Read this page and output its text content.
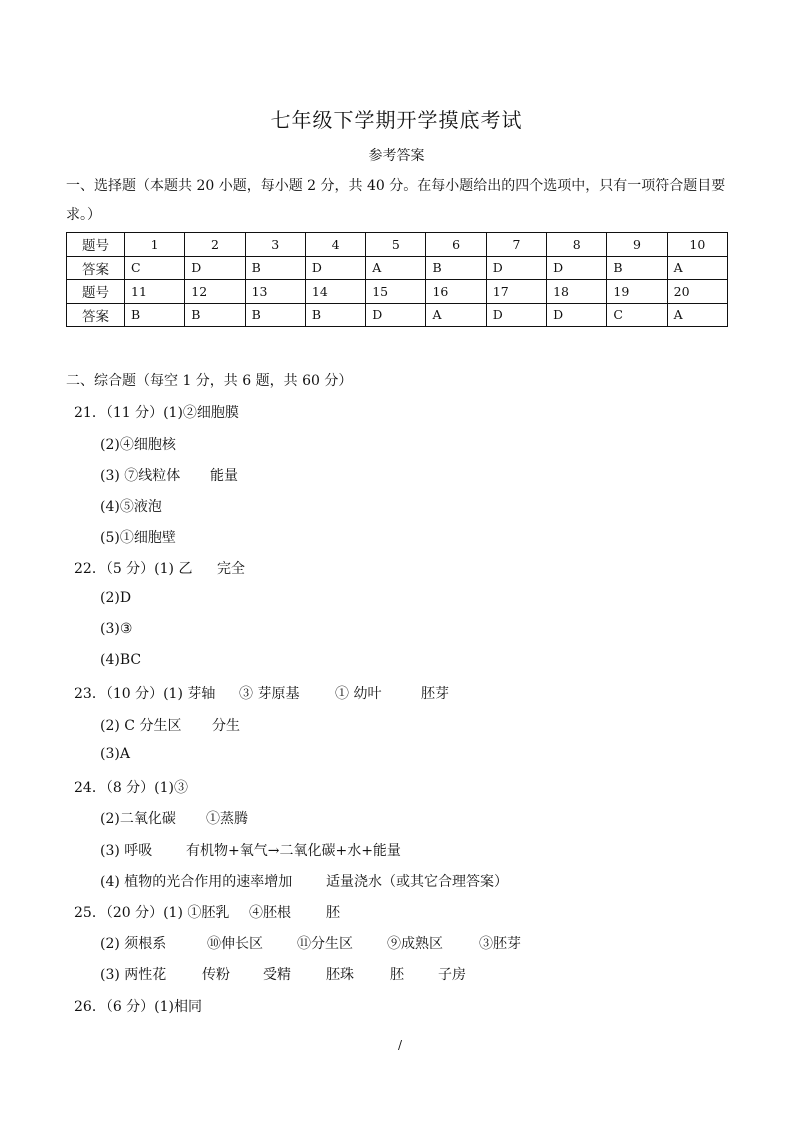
七年级下学期开学摸底考试
参考答案
一、选择题（本题共 20 小题，每小题 2 分，共 40 分。在每小题给出的四个选项中，只有一项符合题目要求。）
题号	1	2	3	4	5	6	7	8	9	10
答案	C	D	B	D	A	B	D	D	B	A
题号	11	12	13	14	15	16	17	18	19	20
答案	B	B	B	B	D	A	D	D	C	A
二、综合题（每空 1 分，共 6 题，共 60 分）
21．（11 分）(1)②细胞膜
(2)④细胞核
(3) ⑦线粒体 能量
(4)⑤液泡
(5)①细胞壁
22．（5 分）(1) 乙 完全
(2)D
(3)③
(4)BC
23．（10 分）(1) 芽轴 ③ 芽原基	① 幼叶	胚芽
(2) C 分生区 分生
(3)A
24．（8 分）(1)③
(2)二氧化碳 ①蒸腾
(3) 呼吸 有机物+氧气→二氧化碳+水+能量
(4) 植物的光合作用的速率增加 适量浇水（或其它合理答案）
25．（20 分）(1) ①胚乳 ④胚根	胚
(2) 须根系	⑩伸长区 ⑪分生区 ⑨成熟区	③胚芽
(3) 两性花	传粉 受精	胚珠	胚 子房
26．（6 分）(1)相同
/
